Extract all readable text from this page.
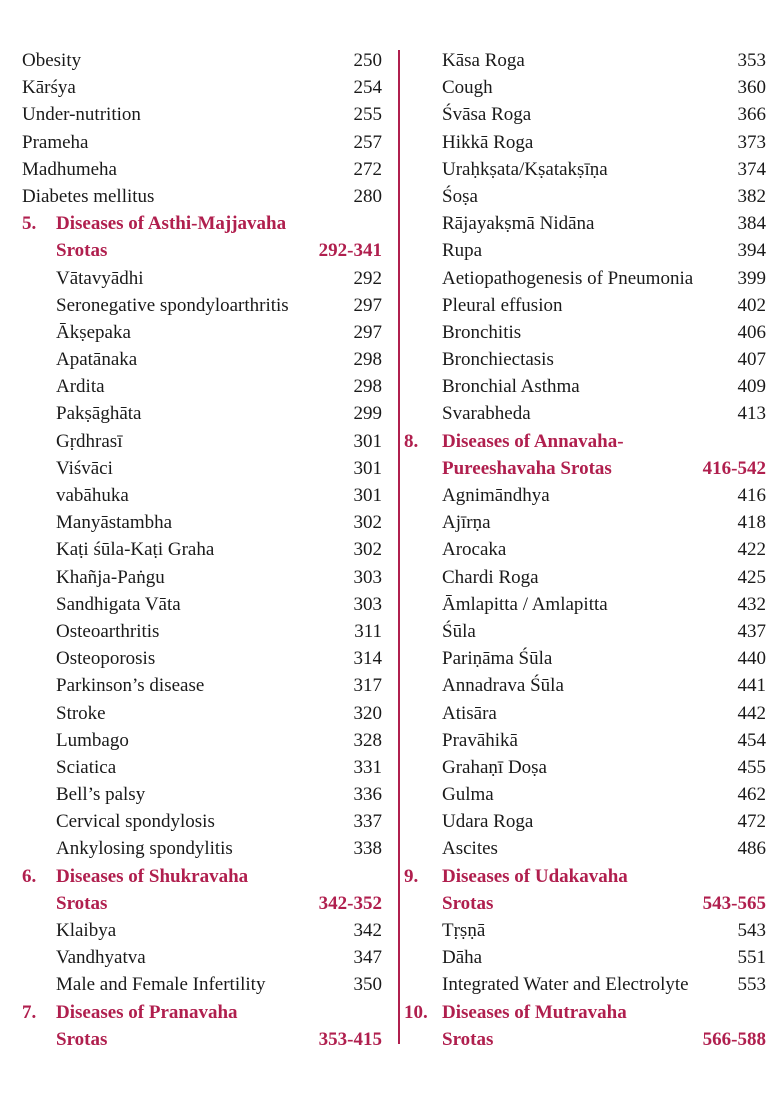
Obesity	250
Kārśya	254
Under-nutrition	255
Prameha	257
Madhumeha	272
Diabetes mellitus	280
5. Diseases of Asthi-Majjavaha
Srotas	292-341
Vātavyādhi	292
Seronegative spondyloarthritis	297
Ākṣepaka	297
Apatānaka	298
Ardita	298
Pakṣāghāta	299
Gṛdhrasī	301
Viśvāci	301
vabāhuka	301
Manyāstambha	302
Kaṭi śūla-Kaṭi Graha	302
Khañja-Paṅgu	303
Sandhigata Vāta	303
Osteoarthritis	311
Osteoporosis	314
Parkinson’s disease	317
Stroke	320
Lumbago	328
Sciatica	331
Bell’s palsy	336
Cervical spondylosis	337
Ankylosing spondylitis	338
6. Diseases of Shukravaha
Srotas	342-352
Klaibya	342
Vandhyatva	347
Male and Female Infertility	350
7. Diseases of Pranavaha
Srotas	353-415
Kāsa Roga	353
Cough	360
Śvāsa Roga	366
Hikkā Roga	373
Uraḥkṣata/Kṣatakṣīṇa	374
Śoṣa	382
Rājayakṣmā Nidāna	384
Rupa	394
Aetiopathogenesis of Pneumonia 399
Pleural effusion	402
Bronchitis	406
Bronchiectasis	407
Bronchial Asthma	409
Svarabheda	413
8. Diseases of Annavaha-
Pureeshavaha Srotas	416-542
Agnimāndhya	416
Ajīrṇa	418
Arocaka	422
Chardi Roga	425
Āmlapitta / Amlapitta	432
Śūla	437
Pariṇāma Śūla	440
Annadrava Śūla	441
Atisāra	442
Pravāhikā	454
Grahaṇī Doṣa	455
Gulma	462
Udara Roga	472
Ascites	486
9. Diseases of Udakavaha
Srotas	543-565
Tṛṣṇā	543
Dāha	551
Integrated Water and Electrolyte	553
10. Diseases of Mutravaha
Srotas	566-588
